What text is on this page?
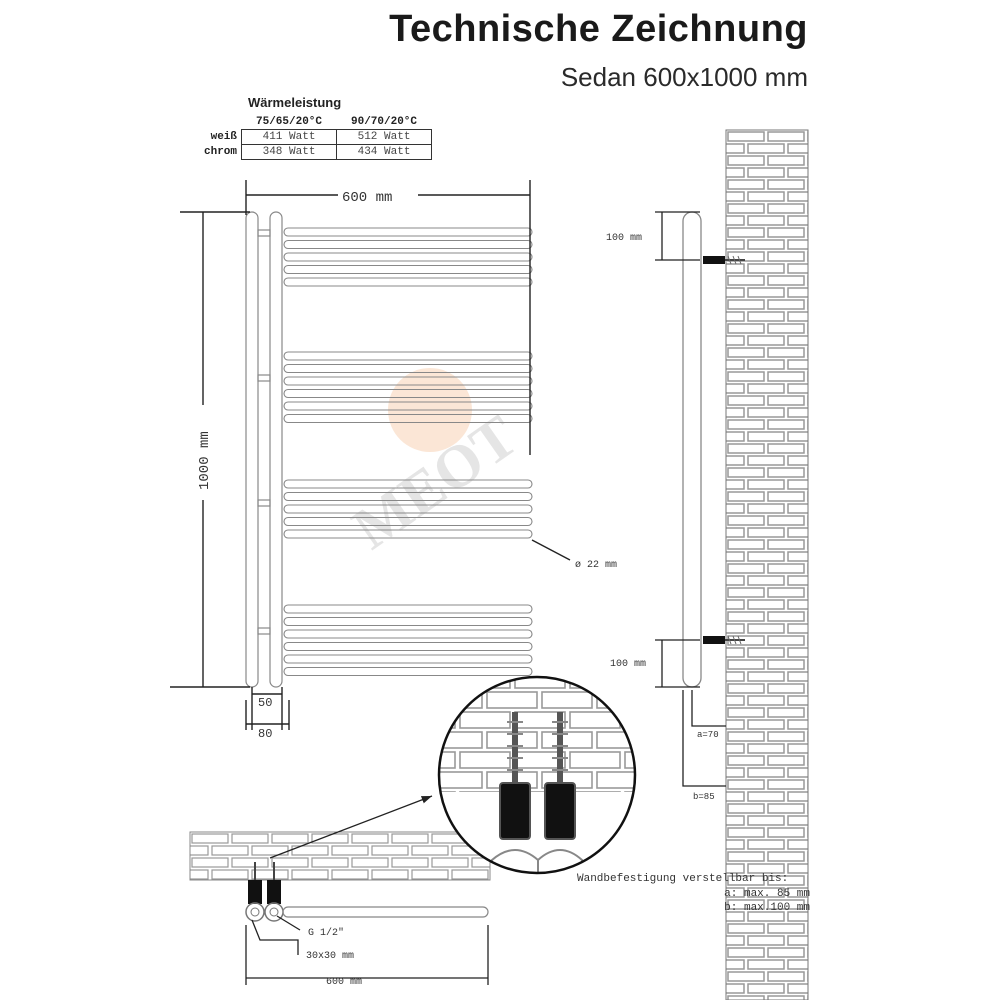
Technische Zeichnung
Sedan 600x1000 mm
Wärmeleistung
	75/65/20°C	90/70/20°C
weiß	411 Watt	512 Watt
chrom	348 Watt	434 Watt
MEOT
600 mm
1000 mm
ø 22 mm
50
80
100 mm
100 mm
a=70
b=85
G 1/2"
30x30 mm
600 mm
Wandbefestigung verstellbar bis:
a: max. 85 mm
b: max.100 mm
